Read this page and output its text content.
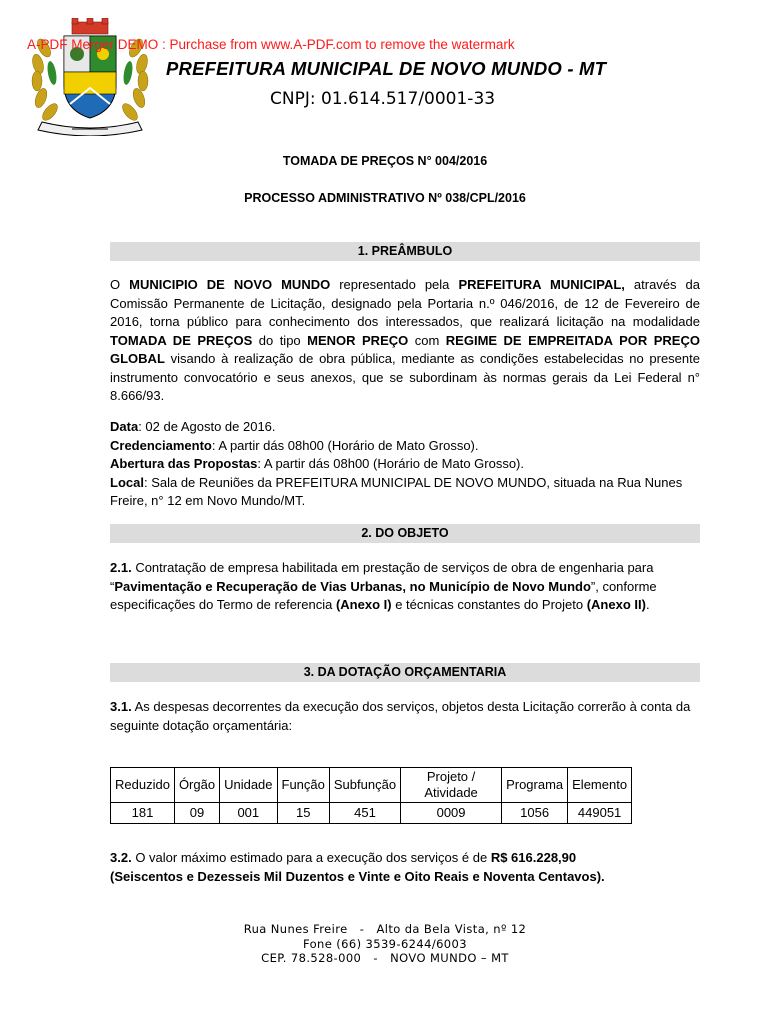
A-PDF Merger DEMO : Purchase from www.A-PDF.com to remove the watermark
PREFEITURA MUNICIPAL DE NOVO MUNDO - MT
CNPJ: 01.614.517/0001-33
TOMADA DE PREÇOS N° 004/2016
PROCESSO ADMINISTRATIVO Nº 038/CPL/2016
1. PREÂMBULO
O MUNICIPIO DE NOVO MUNDO representado pela PREFEITURA MUNICIPAL, através da Comissão Permanente de Licitação, designado pela Portaria n.º 046/2016, de 12 de Fevereiro de 2016, torna público para conhecimento dos interessados, que realizará licitação na modalidade TOMADA DE PREÇOS do tipo MENOR PREÇO com REGIME DE EMPREITADA POR PREÇO GLOBAL visando à realização de obra pública, mediante as condições estabelecidas no presente instrumento convocatório e seus anexos, que se subordinam às normas gerais da Lei Federal n° 8.666/93.
Data: 02 de Agosto de 2016.
Credenciamento: A partir dás 08h00 (Horário de Mato Grosso).
Abertura das Propostas: A partir dás 08h00 (Horário de Mato Grosso).
Local: Sala de Reuniões da PREFEITURA MUNICIPAL DE NOVO MUNDO, situada na Rua Nunes Freire, n° 12 em Novo Mundo/MT.
2. DO OBJETO
2.1. Contratação de empresa habilitada em prestação de serviços de obra de engenharia para “Pavimentação e Recuperação de Vias Urbanas, no Município de Novo Mundo”, conforme especificações do Termo de referencia (Anexo I) e técnicas constantes do Projeto (Anexo II).
3. DA DOTAÇÃO ORÇAMENTARIA
3.1. As despesas decorrentes da execução dos serviços, objetos desta Licitação correrão à conta da seguinte dotação orçamentária:
Reduzido	Órgão	Unidade	Função	Subfunção	Projeto / Atividade	Programa	Elemento
181	09	001	15	451	0009	1056	449051
3.2. O valor máximo estimado para a execução dos serviços é de R$ 616.228,90
(Seiscentos e Dezesseis Mil Duzentos e Vinte e Oito Reais e Noventa Centavos).
Rua Nunes Freire   -   Alto da Bela Vista, nº 12
Fone (66) 3539-6244/6003
CEP. 78.528-000   -   NOVO MUNDO – MT
